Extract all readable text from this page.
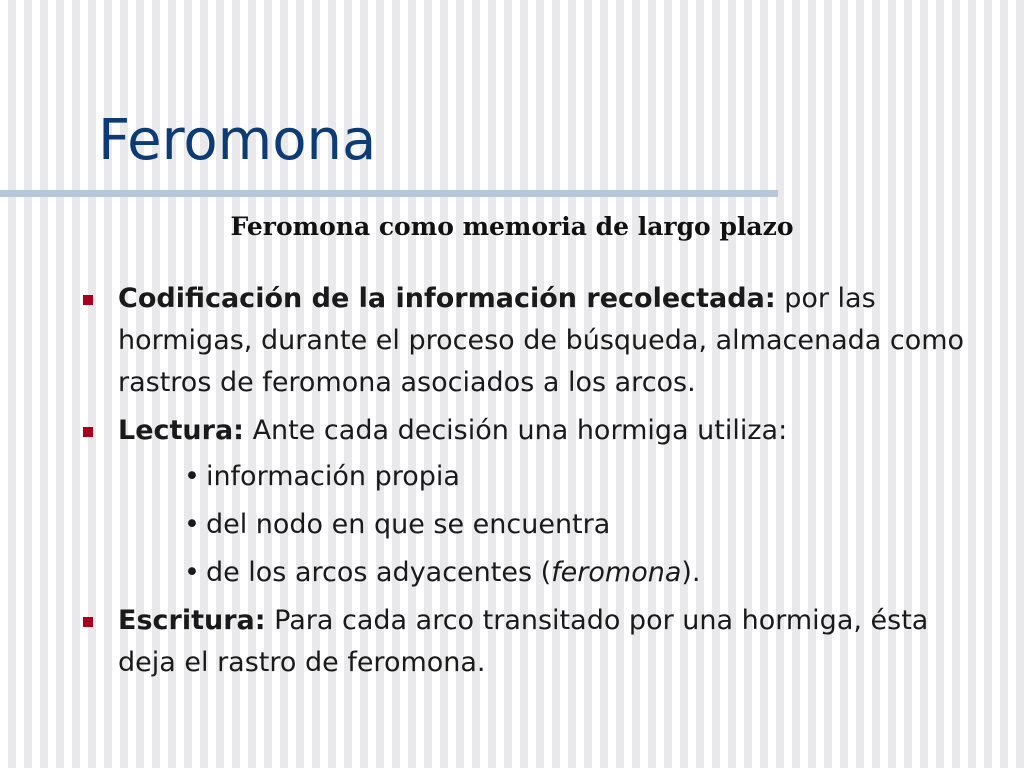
Feromona
Feromona como memoria de largo plazo
Codificación de la información recolectada: por las hormigas, durante el proceso de búsqueda, almacenada como rastros de feromona asociados a los arcos.
Lectura: Ante cada decisión una hormiga utiliza:
• información propia
• del nodo en que se encuentra
• de los arcos adyacentes (feromona).
Escritura: Para cada arco transitado por una hormiga, ésta deja el rastro de feromona.
